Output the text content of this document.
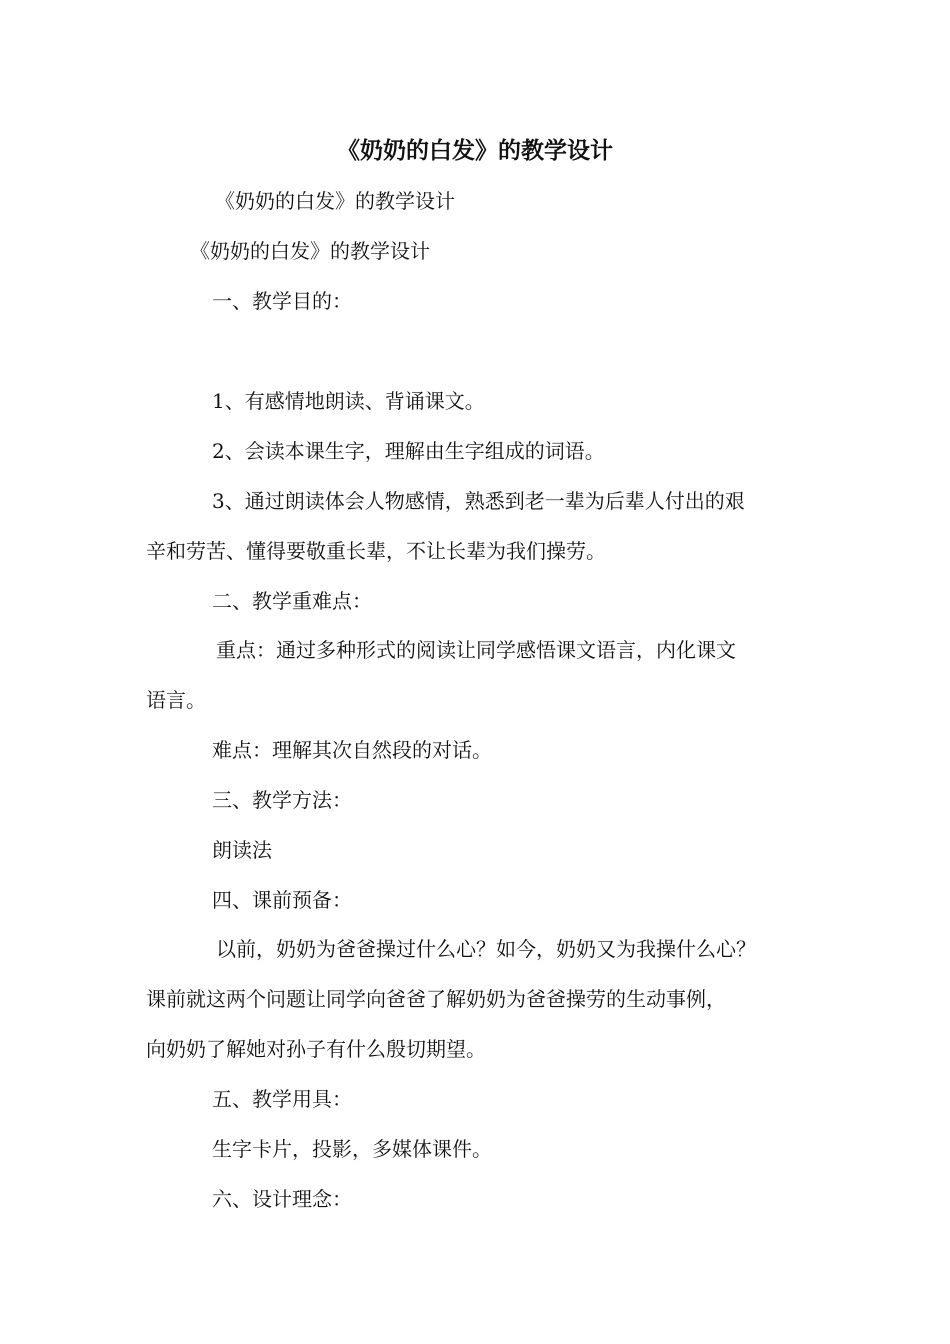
《奶奶的白发》的教学设计
《奶奶的白发》的教学设计
《奶奶的白发》的教学设计
一、教学目的：
1、有感情地朗读、背诵课文。
2、会读本课生字，理解由生字组成的词语。
3、通过朗读体会人物感情，熟悉到老一辈为后辈人付出的艰
辛和劳苦、懂得要敬重长辈，不让长辈为我们操劳。
二、教学重难点：
重点：通过多种形式的阅读让同学感悟课文语言，内化课文
语言。
难点：理解其次自然段的对话。
三、教学方法：
朗读法
四、课前预备：
以前，奶奶为爸爸操过什么心？如今，奶奶又为我操什么心？
课前就这两个问题让同学向爸爸了解奶奶为爸爸操劳的生动事例，
向奶奶了解她对孙子有什么殷切期望。
五、教学用具：
生字卡片，投影，多媒体课件。
六、设计理念：
